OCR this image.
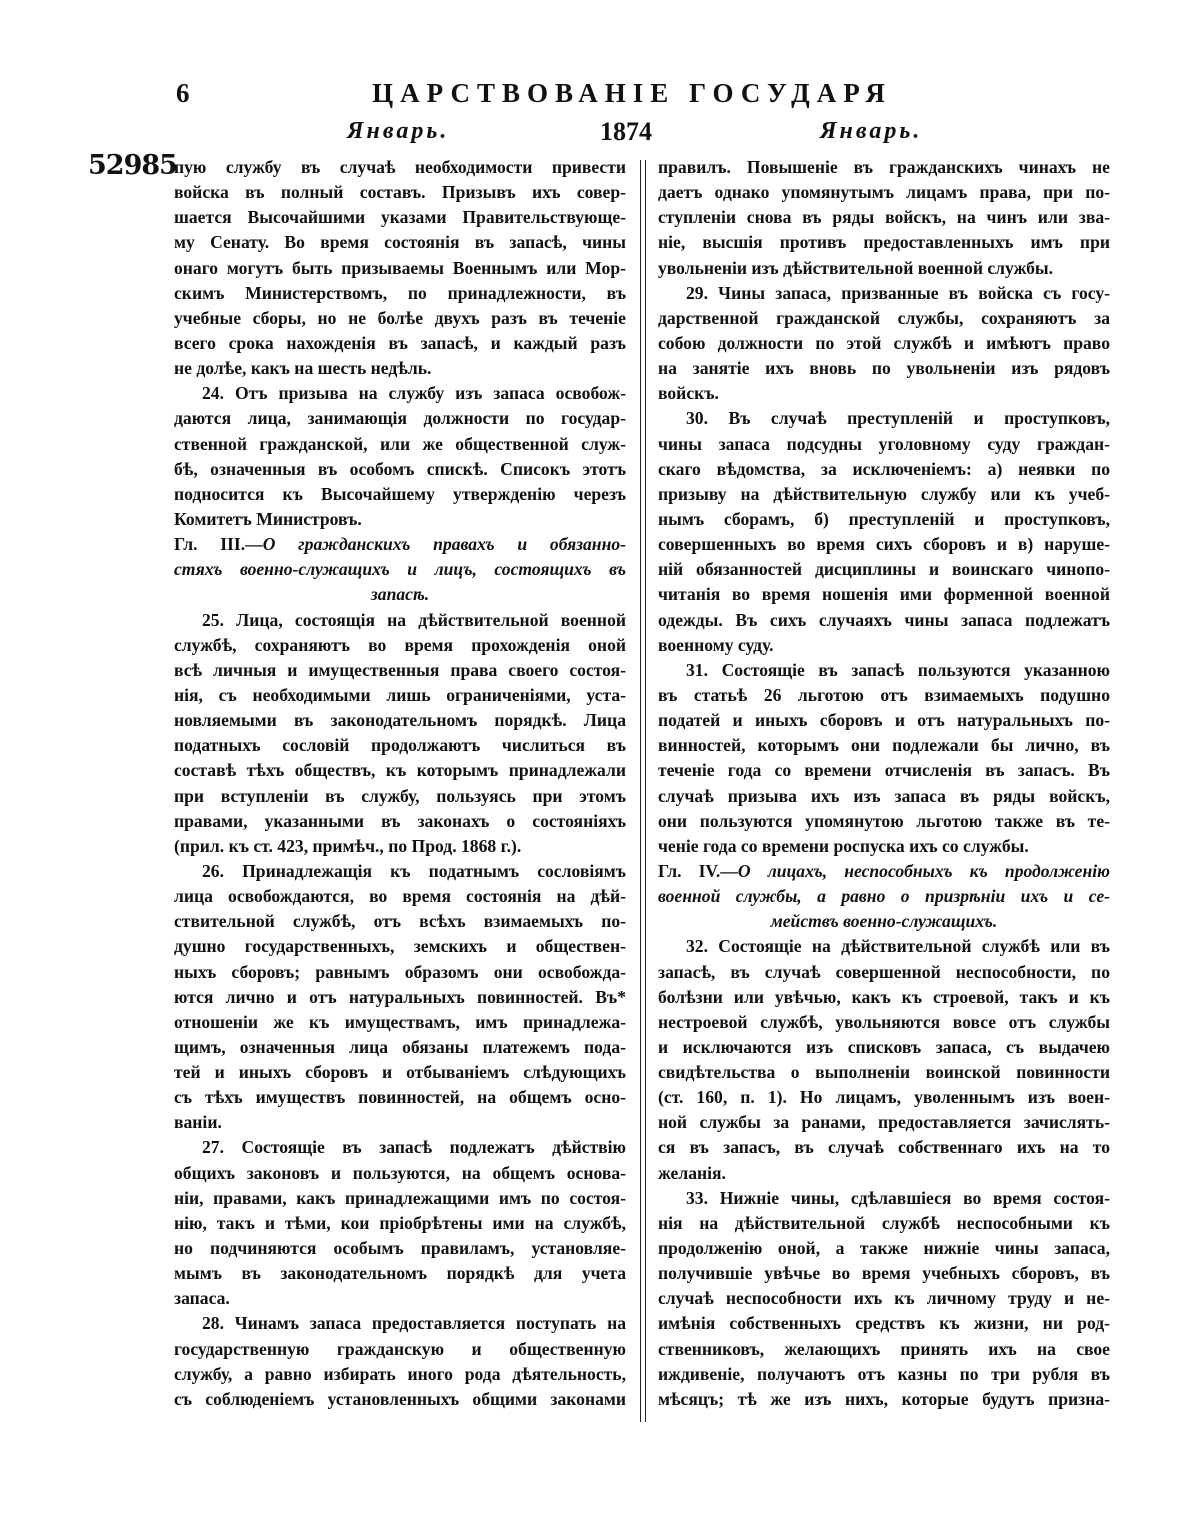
6	ЦАРСТВОВАНІЕ ГОСУДАРЯ
Январь.	1874	Январь.
52985
пую службу въ случаѣ необходимости привести
войска въ полный составъ. Призывъ ихъ совер-
шается Высочайшими указами Правительствующе-
му Сенату. Во время состоянія въ запасѣ, чины
онаго могутъ быть призываемы Военнымъ или Мор-
скимъ Министерствомъ, по принадлежности, въ
учебные сборы, но не болѣе двухъ разъ въ теченіе
всего срока нахожденія въ запасѣ, и каждый разъ
не долѣе, какъ на шесть недѣль.
24. Отъ призыва на службу изъ запаса освобож-
даются лица, занимающія должности по государ-
ственной гражданской, или же общественной служ-
бѣ, означенныя въ особомъ спискѣ. Списокъ этотъ
подносится къ Высочайшему утвержденію черезъ
Комитетъ Министровъ.
Гл. III.—О гражданскихъ правахъ и обязанно-
стяхъ военно-служащихъ и лицъ, состоящихъ въ
запасѣ.
25. Лица, состоящія на дѣйствительной военной
службѣ, сохраняютъ во время прохожденія оной
всѣ личныя и имущественныя права своего состоя-
нія, съ необходимыми лишь ограниченіями, уста-
новляемыми въ законодательномъ порядкѣ. Лица
податныхъ сословій продолжаютъ числиться въ
составѣ тѣхъ обществъ, къ которымъ принадлежали
при вступленіи въ службу, пользуясь при этомъ
правами, указанными въ законахъ о состояніяхъ
(прил. къ ст. 423, примѣч., по Прод. 1868 г.).
26. Принадлежащія къ податнымъ сословіямъ
лица освобождаются, во время состоянія на дѣй-
ствительной службѣ, отъ всѣхъ взимаемыхъ по-
душно государственныхъ, земскихъ и обществен-
ныхъ сборовъ; равнымъ образомъ они освобожда-
ются лично и отъ натуральныхъ повинностей. Въ*
отношеніи же къ имуществамъ, имъ принадлежа-
щимъ, означенныя лица обязаны платежемъ пода-
тей и иныхъ сборовъ и отбываніемъ слѣдующихъ
съ тѣхъ имуществъ повинностей, на общемъ осно-
ваніи.
27. Состоящіе въ запасѣ подлежатъ дѣйствію
общихъ законовъ и пользуются, на общемъ основа-
ніи, правами, какъ принадлежащими имъ по состоя-
нію, такъ и тѣми, кои пріобрѣтены ими на службѣ,
но подчиняются особымъ правиламъ, установляе-
мымъ въ законодательномъ порядкѣ для учета
запаса.
28. Чинамъ запаса предоставляется поступать на
государственную гражданскую и общественную
службу, а равно избирать иного рода дѣятельность,
съ соблюденіемъ установленныхъ общими законами
правилъ. Повышеніе въ гражданскихъ чинахъ не
даетъ однако упомянутымъ лицамъ права, при по-
ступленіи снова въ ряды войскъ, на чинъ или зва-
ніе, высшія противъ предоставленныхъ имъ при
увольненіи изъ дѣйствительной военной службы.
29. Чины запаса, призванные въ войска съ госу-
дарственной гражданской службы, сохраняютъ за
собою должности по этой службѣ и имѣютъ право
на занятіе ихъ вновь по увольненіи изъ рядовъ
войскъ.
30. Въ случаѣ преступленій и проступковъ,
чины запаса подсудны уголовному суду граждан-
скаго вѣдомства, за исключеніемъ: а) неявки по
призыву на дѣйствительную службу или къ учеб-
нымъ сборамъ, б) преступленій и проступковъ,
совершенныхъ во время сихъ сборовъ и в) наруше-
ній обязанностей дисциплины и воинскаго чинопо-
читанія во время ношенія ими форменной военной
одежды. Въ сихъ случаяхъ чины запаса подлежатъ
военному суду.
31. Состоящіе въ запасѣ пользуются указанною
въ статьѣ 26 льготою отъ взимаемыхъ подушно
податей и иныхъ сборовъ и отъ натуральныхъ по-
винностей, которымъ они подлежали бы лично, въ
теченіе года со времени отчисленія въ запасъ. Въ
случаѣ призыва ихъ изъ запаса въ ряды войскъ,
они пользуются упомянутою льготою также въ те-
ченіе года со времени роспуска ихъ со службы.
Гл. IV.—О лицахъ, неспособныхъ къ продолженію
военной службы, а равно о призрѣніи ихъ и се-
мействъ военно-служащихъ.
32. Состоящіе на дѣйствительной службѣ или въ
запасѣ, въ случаѣ совершенной неспособности, по
болѣзни или увѣчью, какъ къ строевой, такъ и къ
нестроевой службѣ, увольняются вовсе отъ службы
и исключаются изъ списковъ запаса, съ выдачею
свидѣтельства о выполненіи воинской повинности
(ст. 160, п. 1). Но лицамъ, уволеннымъ изъ воен-
ной службы за ранами, предоставляется зачислять-
ся въ запасъ, въ случаѣ собственнаго ихъ на то
желанія.
33. Нижніе чины, сдѣлавшіеся во время состоя-
нія на дѣйствительной службѣ неспособными къ
продолженію оной, а также нижніе чины запаса,
получившіе увѣчье во время учебныхъ сборовъ, въ
случаѣ неспособности ихъ къ личному труду и не-
имѣнія собственныхъ средствъ къ жизни, ни род-
ственниковъ, желающихъ принять ихъ на свое
иждивеніе, получаютъ отъ казны по три рубля въ
мѣсяцъ; тѣ же изъ нихъ, которые будутъ призна-
